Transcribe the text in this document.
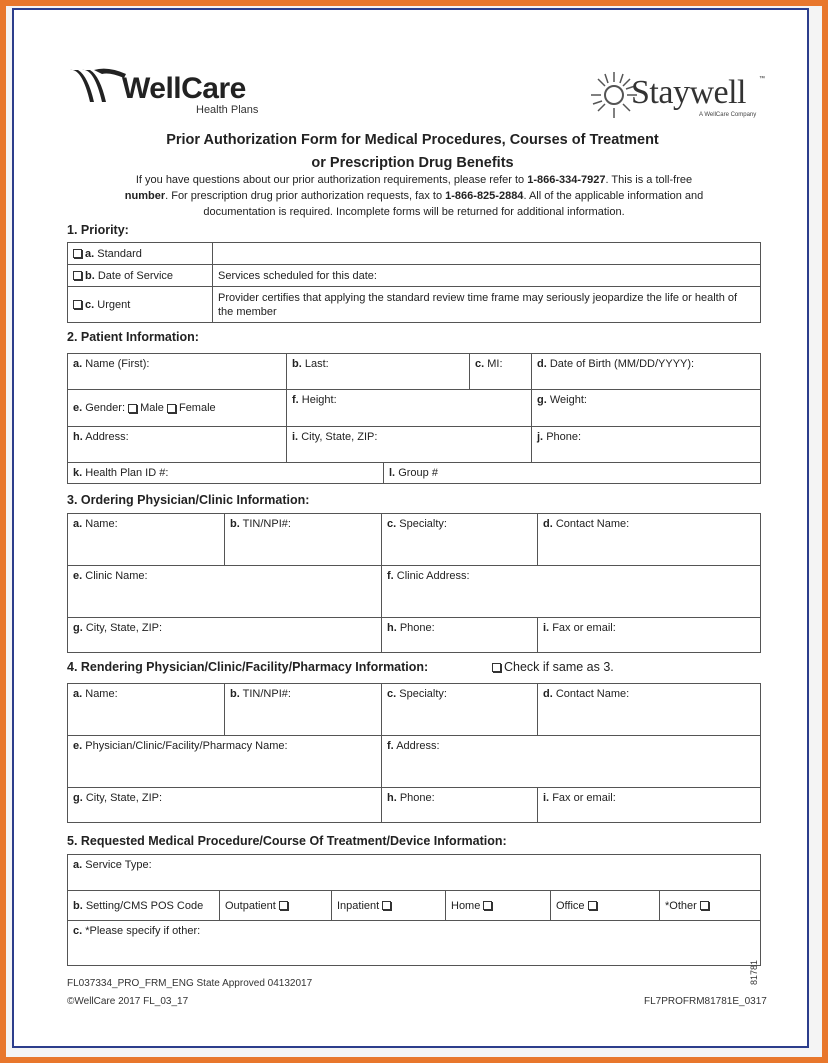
WellCare
Health Plans	Staywell ™
A WellCare Company
Prior Authorization Form for Medical Procedures, Courses of Treatment
or Prescription Drug Benefits
If you have questions about our prior authorization requirements, please refer to 1-866-334-7927. This is a toll-free
number. For prescription drug prior authorization requests, fax to 1-866-825-2884. All of the applicable information and
documentation is required. Incomplete forms will be returned for additional information.
1. Priority:
a. Standard	
b. Date of Service	Services scheduled for this date:
c. Urgent	Provider certifies that applying the standard review time frame may seriously jeopardize the life or health of the member
2. Patient Information:
a. Name (First):	b. Last:	c. MI:	d. Date of Birth (MM/DD/YYYY):
e. Gender: Male Female	f. Height:		g. Weight:
h. Address:	i. City, State, ZIP:		j. Phone:
k. Health Plan ID #:	l. Group #
3. Ordering Physician/Clinic Information:
a. Name:	b. TIN/NPI#:	c. Specialty:	d. Contact Name:
e. Clinic Name:		f. Clinic Address:	
g. City, State, ZIP:		h. Phone:	i. Fax or email:
4. Rendering Physician/Clinic/Facility/Pharmacy Information:	Check if same as 3.
a. Name:	b. TIN/NPI#:	c. Specialty:	d. Contact Name:
e. Physician/Clinic/Facility/Pharmacy Name:		f. Address:	
g. City, State, ZIP:		h. Phone:	i. Fax or email:
5. Requested Medical Procedure/Course Of Treatment/Device Information:
a. Service Type:
b. Setting/CMS POS Code	Outpatient	Inpatient	Home	Office	*Other
c. *Please specify if other:
FL037334_PRO_FRM_ENG State Approved 04132017
©WellCare 2017 FL_03_17	FL7PROFRM81781E_0317
81781
